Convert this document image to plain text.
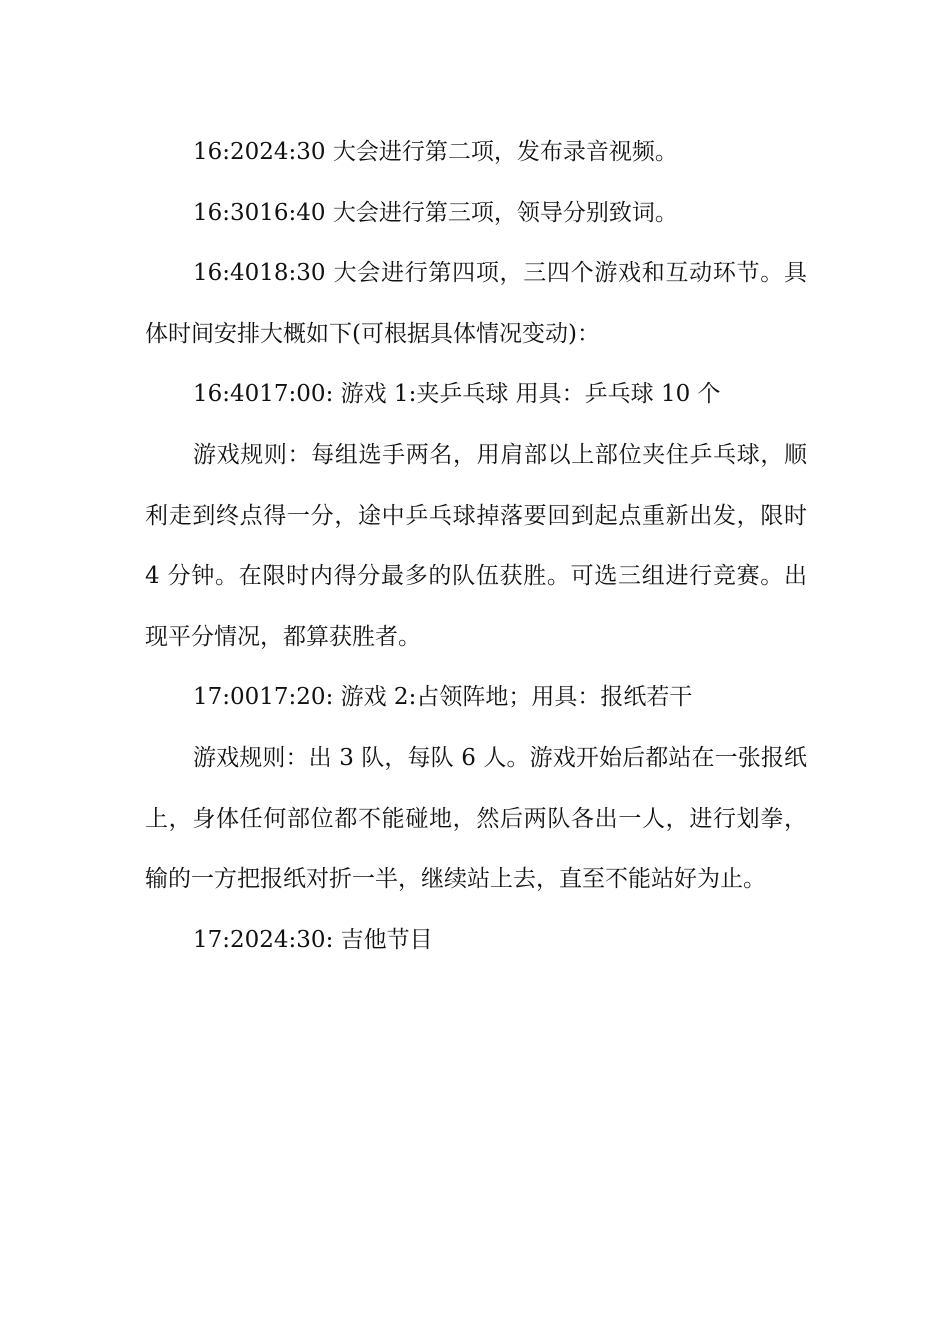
16:2024:30 大会进行第二项，发布录音视频。

16:3016:40 大会进行第三项，领导分别致词。

16:4018:30 大会进行第四项，三四个游戏和互动环节。具体时间安排大概如下(可根据具体情况变动)：

16:4017:00: 游戏 1:夹乒乓球 用具：乒乓球 10 个

游戏规则：每组选手两名，用肩部以上部位夹住乒乓球，顺利走到终点得一分，途中乒乓球掉落要回到起点重新出发，限时 4 分钟。在限时内得分最多的队伍获胜。可选三组进行竞赛。出现平分情况，都算获胜者。

17:0017:20: 游戏 2:占领阵地；用具：报纸若干

游戏规则：出 3 队，每队 6 人。游戏开始后都站在一张报纸上，身体任何部位都不能碰地，然后两队各出一人，进行划拳，输的一方把报纸对折一半，继续站上去，直至不能站好为止。

17:2024:30: 吉他节目
